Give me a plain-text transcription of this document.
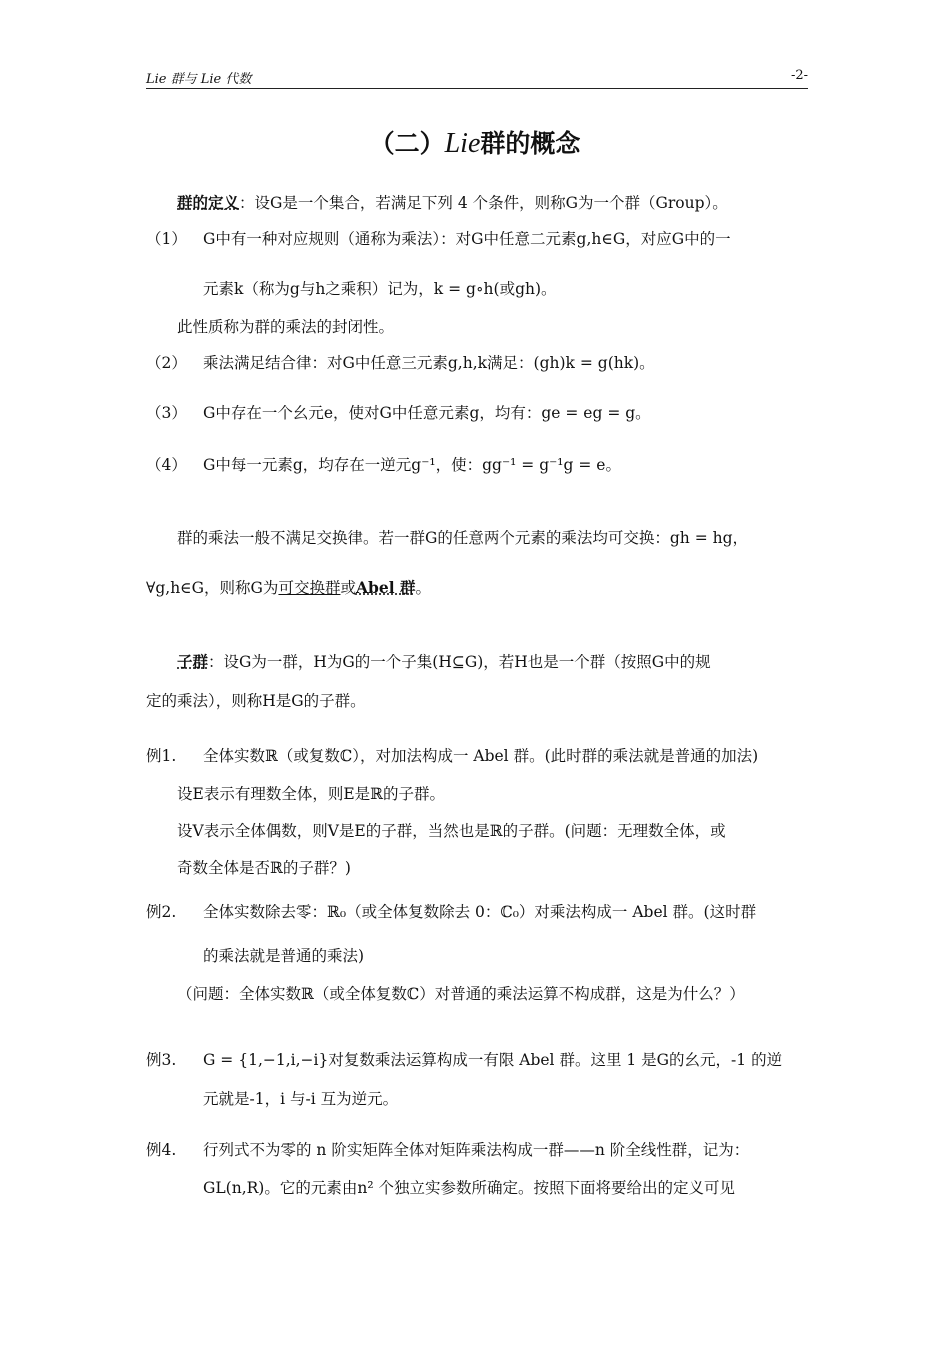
Lie 群与 Lie 代数	-2-
（二）Lie群的概念
群的定义：设G是一个集合，若满足下列 4 个条件，则称G为一个群（Group）。
（1） G中有一种对应规则（通称为乘法）：对G中任意二元素g,h∈G，对应G中的一
元素k（称为g与h之乘积）记为，k = g∘h(或gh)。
此性质称为群的乘法的封闭性。
（2） 乘法满足结合律：对G中任意三元素g,h,k满足：(gh)k = g(hk)。
（3） G中存在一个幺元e，使对G中任意元素g，均有：ge = eg = g。
（4） G中每一元素g，均存在一逆元g⁻¹，使：gg⁻¹ = g⁻¹g = e。
群的乘法一般不满足交换律。若一群G的任意两个元素的乘法均可交换：gh = hg，
∀g,h∈G，则称G为可交换群或Abel 群。
子群：设G为一群，H为G的一个子集(H⊆G)，若H也是一个群（按照G中的规
定的乘法），则称H是G的子群。
例1. 全体实数ℝ（或复数ℂ），对加法构成一 Abel 群。(此时群的乘法就是普通的加法)
设E表示有理数全体，则E是ℝ的子群。
设V表示全体偶数，则V是E的子群，当然也是ℝ的子群。(问题：无理数全体，或
奇数全体是否ℝ的子群？)
例2. 全体实数除去零：ℝ₀（或全体复数除去 0：ℂ₀）对乘法构成一 Abel 群。(这时群
的乘法就是普通的乘法)
（问题：全体实数ℝ（或全体复数ℂ）对普通的乘法运算不构成群，这是为什么？）
例3. G = {1,−1,i,−i}对复数乘法运算构成一有限 Abel 群。这里 1 是G的幺元，-1 的逆
元就是-1，i 与-i 互为逆元。
例4. 行列式不为零的 n 阶实矩阵全体对矩阵乘法构成一群——n 阶全线性群，记为：
GL(n,R)。它的元素由n² 个独立实参数所确定。按照下面将要给出的定义可见
